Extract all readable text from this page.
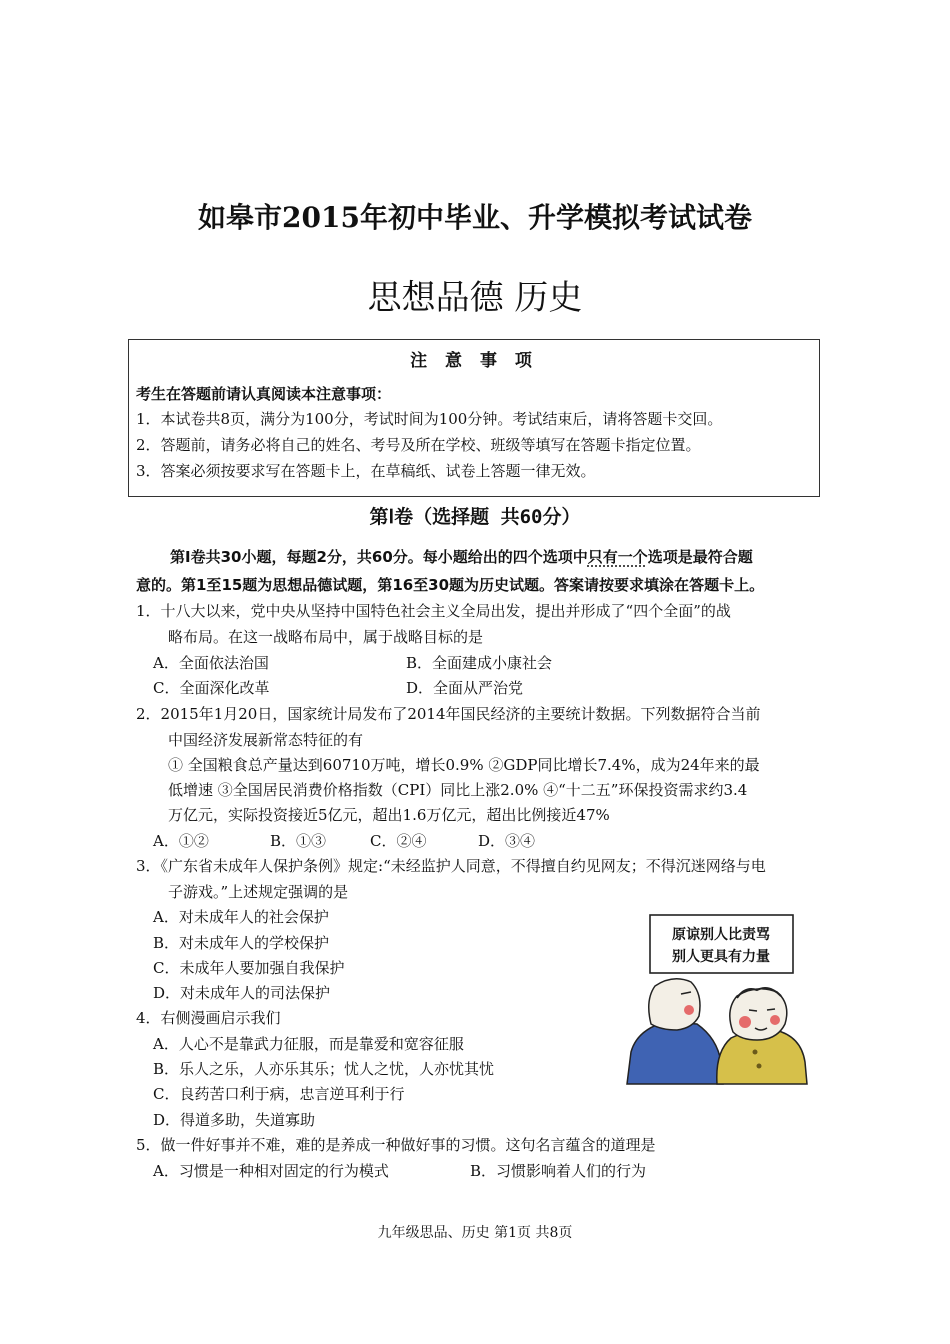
如皋市2015年初中毕业、升学模拟考试试卷
思想品德 历史
注 意 事 项
考生在答题前请认真阅读本注意事项：
1．本试卷共8页，满分为100分，考试时间为100分钟。考试结束后，请将答题卡交回。
2．答题前，请务必将自己的姓名、考号及所在学校、班级等填写在答题卡指定位置。
3．答案必须按要求写在答题卡上，在草稿纸、试卷上答题一律无效。
第Ⅰ卷（选择题 共60分）
第Ⅰ卷共30小题，每题2分，共60分。每小题给出的四个选项中只有一个选项是最符合题
意的。第1至15题为思想品德试题，第16至30题为历史试题。答案请按要求填涂在答题卡上。
1．十八大以来，党中央从坚持中国特色社会主义全局出发，提出并形成了“四个全面”的战
略布局。在这一战略布局中，属于战略目标的是
A．全面依法治国	B．全面建成小康社会
C．全面深化改革	D．全面从严治党
2．2015年1月20日，国家统计局发布了2014年国民经济的主要统计数据。下列数据符合当前
中国经济发展新常态特征的有
① 全国粮食总产量达到60710万吨，增长0.9% ②GDP同比增长7.4%，成为24年来的最
低增速 ③全国居民消费价格指数（CPI）同比上涨2.0% ④“十二五”环保投资需求约3.4
万亿元，实际投资接近5亿元，超出1.6万亿元，超出比例接近47%
A．①②	B．①③	C．②④	D．③④
3．《广东省未成年人保护条例》规定:“未经监护人同意，不得擅自约见网友；不得沉迷网络与电
子游戏。”上述规定强调的是
A．对未成年人的社会保护
B．对未成年人的学校保护
C．未成年人要加强自我保护
D．对未成年人的司法保护
4．右侧漫画启示我们
A．人心不是靠武力征服，而是靠爱和宽容征服
B．乐人之乐，人亦乐其乐；忧人之忧，人亦忧其忧
C．良药苦口利于病，忠言逆耳利于行
D．得道多助，失道寡助
5．做一件好事并不难，难的是养成一种做好事的习惯。这句名言蕴含的道理是
A．习惯是一种相对固定的行为模式	B．习惯影响着人们的行为
原谅别人比责骂
别人更具有力量
九年级思品、历史 第1页 共8页
